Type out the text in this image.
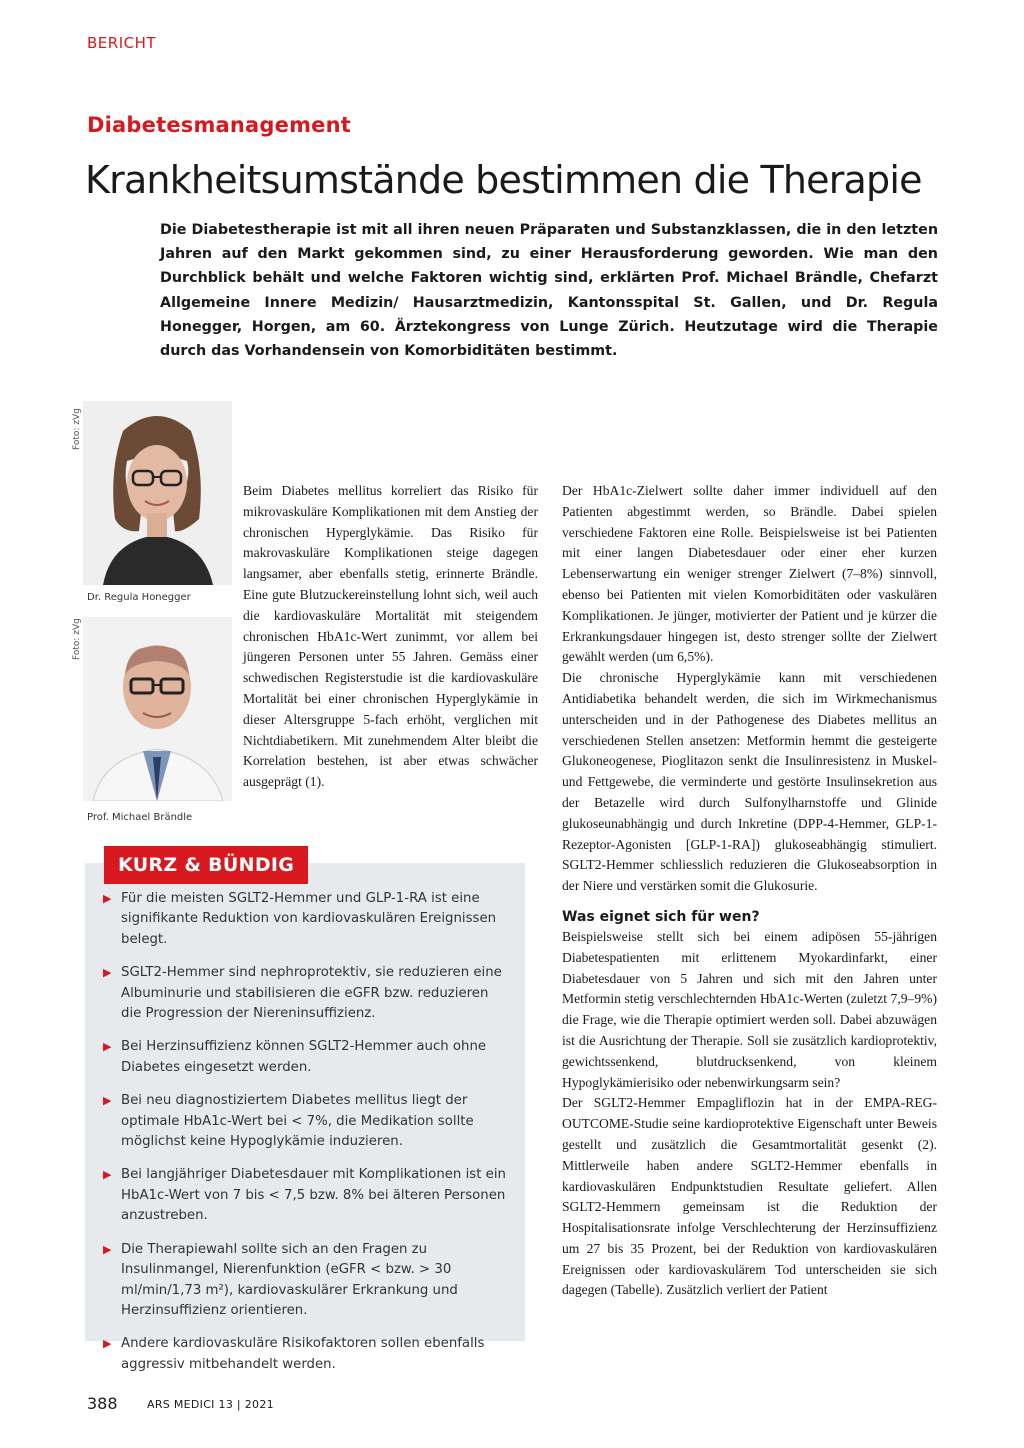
BERICHT
Diabetesmanagement
Krankheitsumstände bestimmen die Therapie
Die Diabetestherapie ist mit all ihren neuen Präparaten und Substanzklassen, die in den letzten Jahren auf den Markt gekommen sind, zu einer Herausforderung geworden. Wie man den Durchblick behält und welche Faktoren wichtig sind, erklärten Prof. Michael Brändle, Chefarzt Allgemeine Innere Medizin/ Hausarztmedizin, Kantonsspital St. Gallen, und Dr. Regula Honegger, Horgen, am 60. Ärztekongress von Lunge Zürich. Heutzutage wird die Therapie durch das Vorhandensein von Komorbiditäten bestimmt.
Foto: zVg
Dr. Regula Honegger
Foto: zVg
Prof. Michael Brändle

Beim Diabetes mellitus korreliert das Risiko für mikrovaskuläre Komplikationen mit dem Anstieg der chronischen Hyperglykämie. Das Risiko für makrovaskuläre Komplikationen steige dagegen langsamer, aber ebenfalls stetig, erinnerte Brändle. Eine gute Blutzuckereinstellung lohnt sich, weil auch die kardiovaskuläre Mortalität mit steigendem chronischen HbA1c-Wert zunimmt, vor allem bei jüngeren Personen unter 55 Jahren. Gemäss einer schwedischen Registerstudie ist die kardiovaskuläre Mortalität bei einer chronischen Hyperglykämie in dieser Altersgruppe 5-fach erhöht, verglichen mit Nichtdiabetikern. Mit zunehmendem Alter bleibt die Korrelation bestehen, ist aber etwas schwächer ausgeprägt (1).

Der HbA1c-Zielwert sollte daher immer individuell auf den Patienten abgestimmt werden, so Brändle. Dabei spielen verschiedene Faktoren eine Rolle. Beispielsweise ist bei Patienten mit einer langen Diabetesdauer oder einer eher kurzen Lebenserwartung ein weniger strenger Zielwert (7–8%) sinnvoll, ebenso bei Patienten mit vielen Komorbiditäten oder vaskulären Komplikationen. Je jünger, motivierter der Patient und je kürzer die Erkrankungsdauer hingegen ist, desto strenger sollte der Zielwert gewählt werden (um 6,5%).

Die chronische Hyperglykämie kann mit verschiedenen Antidiabetika behandelt werden, die sich im Wirkmechanismus unterscheiden und in der Pathogenese des Diabetes mellitus an verschiedenen Stellen ansetzen: Metformin hemmt die gesteigerte Glukoneogenese, Pioglitazon senkt die Insulinresistenz in Muskel- und Fettgewebe, die verminderte und gestörte Insulinsekretion aus der Betazelle wird durch Sulfonylharnstoffe und Glinide glukoseunabhängig und durch Inkretine (DPP-4-Hemmer, GLP-1-Rezeptor-Agonisten [GLP-1-RA]) glukoseabhängig stimuliert. SGLT2-Hemmer schliesslich reduzieren die Glukoseabsorption in der Niere und verstärken somit die Glukosurie.

Was eignet sich für wen?

Beispielsweise stellt sich bei einem adipösen 55-jährigen Diabetespatienten mit erlittenem Myokardinfarkt, einer Diabetesdauer von 5 Jahren und sich mit den Jahren unter Metformin stetig verschlechternden HbA1c-Werten (zuletzt 7,9–9%) die Frage, wie die Therapie optimiert werden soll. Dabei abzuwägen ist die Ausrichtung der Therapie. Soll sie zusätzlich kardioprotektiv, gewichtssenkend, blutdrucksenkend, von kleinem Hypoglykämierisiko oder nebenwirkungsarm sein?

Der SGLT2-Hemmer Empagliflozin hat in der EMPA-REG-OUTCOME-Studie seine kardioprotektive Eigenschaft unter Beweis gestellt und zusätzlich die Gesamtmortalität gesenkt (2). Mittlerweile haben andere SGLT2-Hemmer ebenfalls in kardiovaskulären Endpunktstudien Resultate geliefert. Allen SGLT2-Hemmern gemeinsam ist die Reduktion der Hospitalisationsrate infolge Verschlechterung der Herzinsuffizienz um 27 bis 35 Prozent, bei der Reduktion von kardiovaskulären Ereignissen oder kardiovaskulärem Tod unterscheiden sie sich dagegen (Tabelle). Zusätzlich verliert der Patient

▶ Für die meisten SGLT2-Hemmer und GLP-1-RA ist eine signifikante Reduktion von kardiovaskulären Ereignissen belegt.
▶ SGLT2-Hemmer sind nephroprotektiv, sie reduzieren eine Albuminurie und stabilisieren die eGFR bzw. reduzieren die Progression der Niereninsuffizienz.
▶ Bei Herzinsuffizienz können SGLT2-Hemmer auch ohne Diabetes eingesetzt werden.
▶ Bei neu diagnostiziertem Diabetes mellitus liegt der optimale HbA1c-Wert bei < 7%, die Medikation sollte möglichst keine Hypoglykämie induzieren.
▶ Bei langjähriger Diabetesdauer mit Komplikationen ist ein HbA1c-Wert von 7 bis < 7,5 bzw. 8% bei älteren Personen anzustreben.
▶ Die Therapiewahl sollte sich an den Fragen zu Insulinmangel, Nierenfunktion (eGFR < bzw. > 30 ml/min/1,73 m²), kardiovaskulärer Erkrankung und Herzinsuffizienz orientieren.
▶ Andere kardiovaskuläre Risikofaktoren sollen ebenfalls aggressiv mitbehandelt werden.
KURZ & BÜNDIG
388	ARS MEDICI 13 | 2021
